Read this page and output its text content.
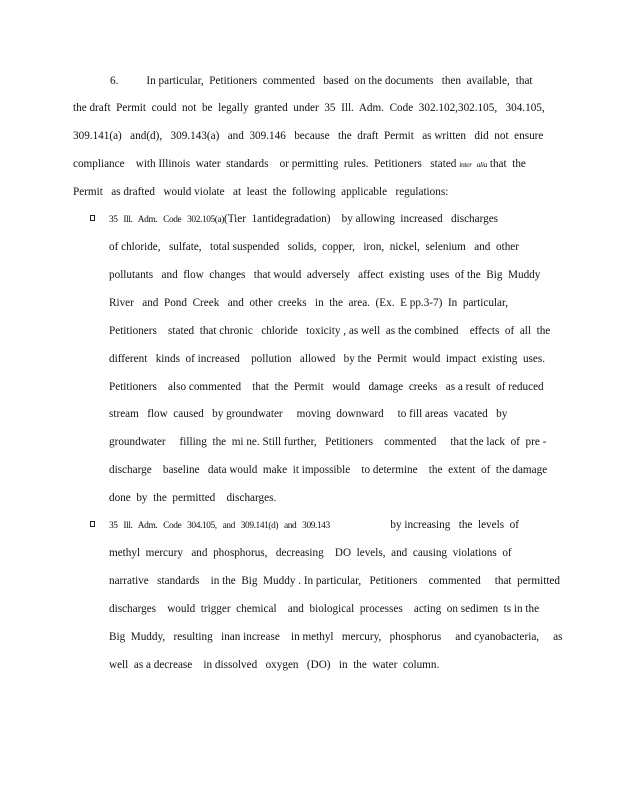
6.	In particular,  Petitioners  commented   based  on the documents   then  available, that
the draft  Permit  could  not  be  legally  granted  under  35  Ill.  Adm.  Code  302.102, 302.105,   304.105,
309.141(a)   and(d),   309.143(a)   and  309.146   because   the  draft  Permit   as written   did  not  ensure
compliance    with Illinois  water  standards    or permitting  rules.  Petitioners   stated inter   alia that  the
Permit   as drafted   would violate   at  least  the  following  applicable   regulations:
35   Ill.   Adm.   Code   302.105(a) (Tier  1antidegradation)    by allowing  increased   discharges
of chloride,   sulfate,   total suspended   solids,  copper,   iron,  nickel,  selenium   and  other
pollutants   and  flow  changes   that would  adversely   affect  existing  uses  of the  Big  Muddy
River   and  Pond  Creek   and  other  creeks   in  the  area.  (Ex.  E pp.3-7)  In  particular,
Petitioners    stated  that chronic   chloride   toxicity , as well  as the combined    effects  of  all  the
different   kinds  of increased    pollution   allowed   by the  Permit  would  impact  existing  uses.
Petitioners    also commented    that  the  Permit   would   damage  creeks   as a result  of reduced
stream   flow  caused   by groundwater     moving  downward     to fill areas  vacated   by
groundwater     filling  the  mi ne. Still further,   Petitioners    commented     that the lack  of  pre -
discharge    baseline   data would  make  it impossible    to determine    the  extent  of  the damage
done  by  the  permitted    discharges.
35   Ill.   Adm.   Code   304.105,   and   309.141(d)   and   309.143	by increasing   the  levels  of
methyl  mercury   and  phosphorus,   decreasing    DO  levels,  and  causing  violations  of
narrative   standards    in the  Big  Muddy . In particular,   Petitioners    commented     that  permitted
discharges    would  trigger  chemical    and  biological  processes    acting  on sedimen  ts in the
Big  Muddy,   resulting   inan increase    in methyl   mercury,   phosphorus     and cyanobacteria,     as
well  as a decrease    in dissolved   oxygen   (DO)   in  the  water  column.
